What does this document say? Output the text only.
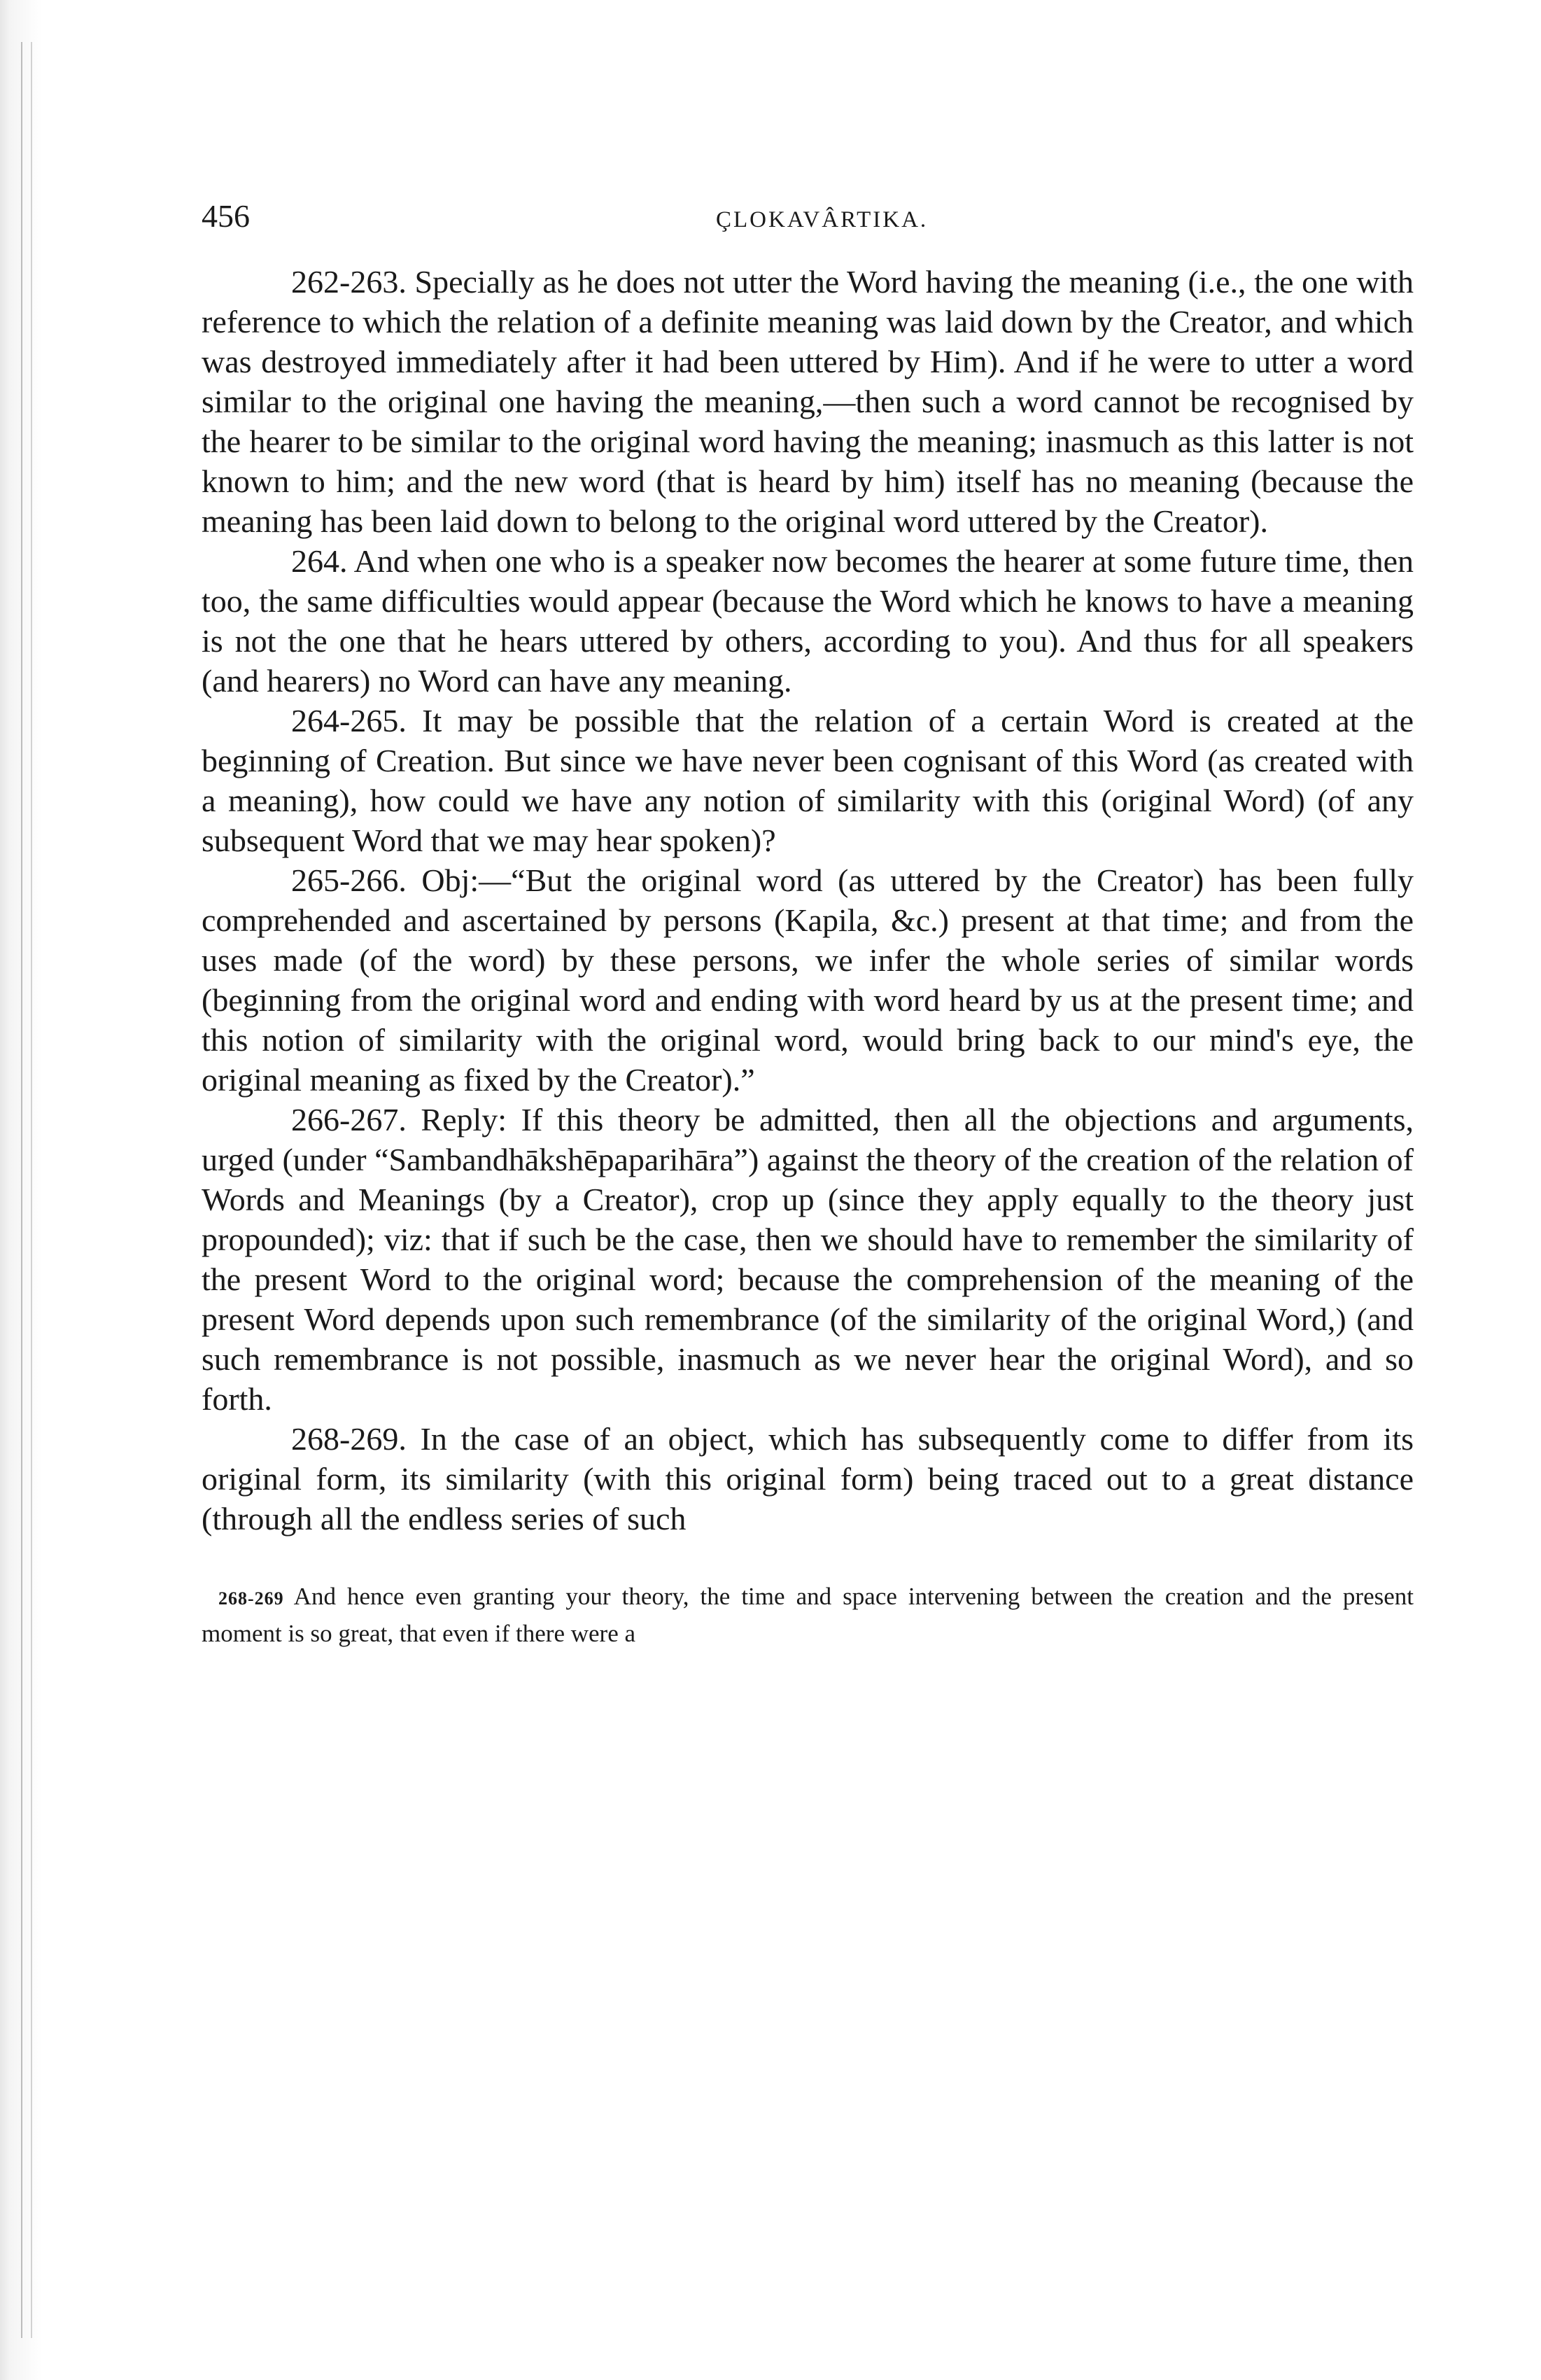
456	ÇLOKAVÂRTIKA.

262-263. Specially as he does not utter the Word having the meaning (i.e., the one with reference to which the relation of a definite meaning was laid down by the Creator, and which was destroyed immediately after it had been uttered by Him). And if he were to utter a word similar to the original one having the meaning,—then such a word cannot be recognised by the hearer to be similar to the original word having the meaning; inasmuch as this latter is not known to him; and the new word (that is heard by him) itself has no meaning (because the meaning has been laid down to belong to the original word uttered by the Creator).

264. And when one who is a speaker now becomes the hearer at some future time, then too, the same difficulties would appear (because the Word which he knows to have a meaning is not the one that he hears uttered by others, according to you). And thus for all speakers (and hearers) no Word can have any meaning.

264-265. It may be possible that the relation of a certain Word is created at the beginning of Creation. But since we have never been cognisant of this Word (as created with a meaning), how could we have any notion of similarity with this (original Word) (of any subsequent Word that we may hear spoken)?

265-266. Obj:—“But the original word (as uttered by the Creator) has been fully comprehended and ascertained by persons (Kapila, &c.) present at that time; and from the uses made (of the word) by these persons, we infer the whole series of similar words (beginning from the original word and ending with word heard by us at the present time; and this notion of similarity with the original word, would bring back to our mind's eye, the original meaning as fixed by the Creator).”

266-267. Reply: If this theory be admitted, then all the objections and arguments, urged (under “Sambandhākshēpaparihāra”) against the theory of the creation of the relation of Words and Meanings (by a Creator), crop up (since they apply equally to the theory just propounded); viz: that if such be the case, then we should have to remember the similarity of the present Word to the original word; because the comprehension of the meaning of the present Word depends upon such remembrance (of the similarity of the original Word,) (and such remembrance is not possible, inasmuch as we never hear the original Word), and so forth.

268-269. In the case of an object, which has subsequently come to differ from its original form, its similarity (with this original form) being traced out to a great distance (through all the endless series of such

268-269 And hence even granting your theory, the time and space intervening between the creation and the present moment is so great, that even if there were a
